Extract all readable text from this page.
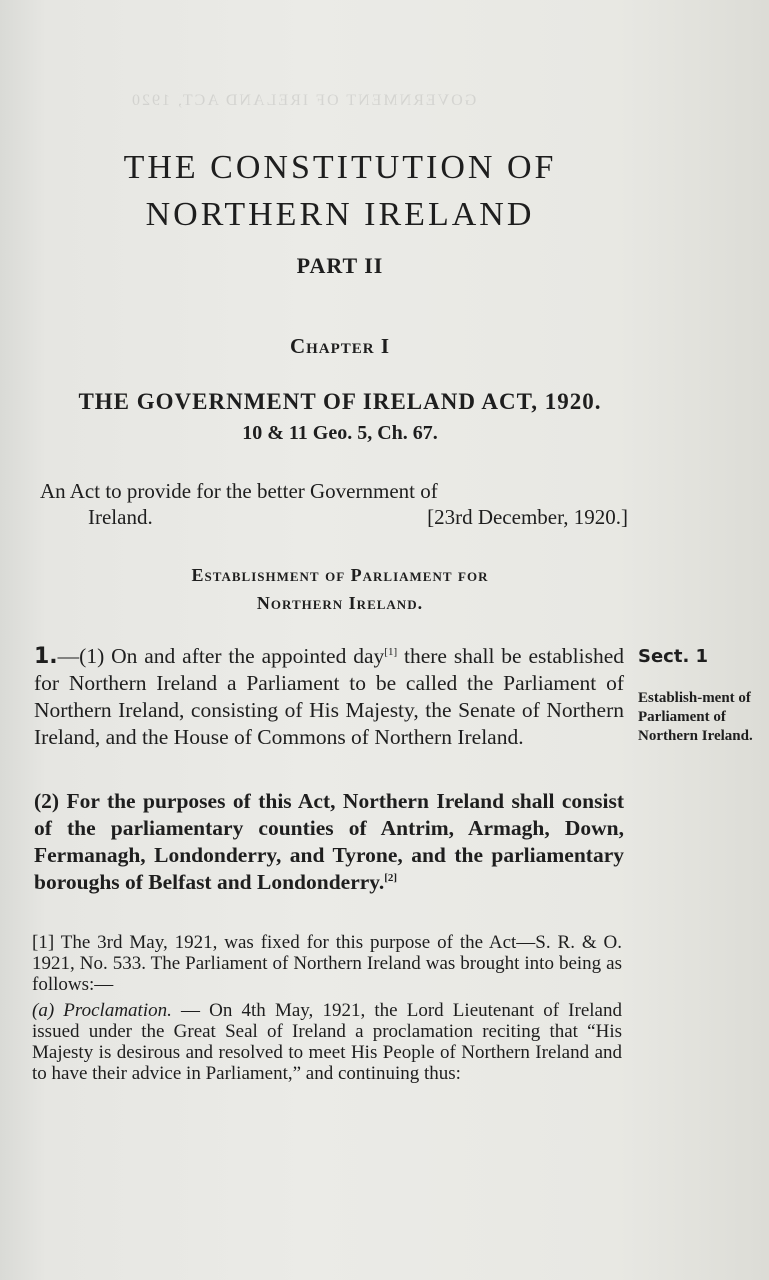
GOVERNMENT OF IRELAND ACT, 1920
THE CONSTITUTION OF
NORTHERN IRELAND
PART II
Chapter I
THE GOVERNMENT OF IRELAND ACT, 1920.
10 & 11 Geo. 5, Ch. 67.
An Act to provide for the better Government of
Ireland.	[23rd December, 1920.]
Establishment of Parliament for
Northern Ireland.
1.—(1) On and after the appointed day[1] there shall be established for Northern Ireland a Parliament to be called the Parliament of Northern Ireland, consisting of His Majesty, the Senate of Northern Ireland, and the House of Commons of Northern Ireland.
(2) For the purposes of this Act, Northern Ireland shall consist of the parliamentary counties of Antrim, Armagh, Down, Fermanagh, Londonderry, and Tyrone, and the parliamentary boroughs of Belfast and Londonderry.[2]
Sect. 1
Establish-ment of Parliament of Northern Ireland.
[1] The 3rd May, 1921, was fixed for this purpose of the Act—S. R. & O. 1921, No. 533. The Parliament of Northern Ireland was brought into being as follows:—
(a) Proclamation. — On 4th May, 1921, the Lord Lieutenant of Ireland issued under the Great Seal of Ireland a proclamation reciting that “His Majesty is desirous and resolved to meet His People of Northern Ireland and to have their advice in Parliament,” and continuing thus:
